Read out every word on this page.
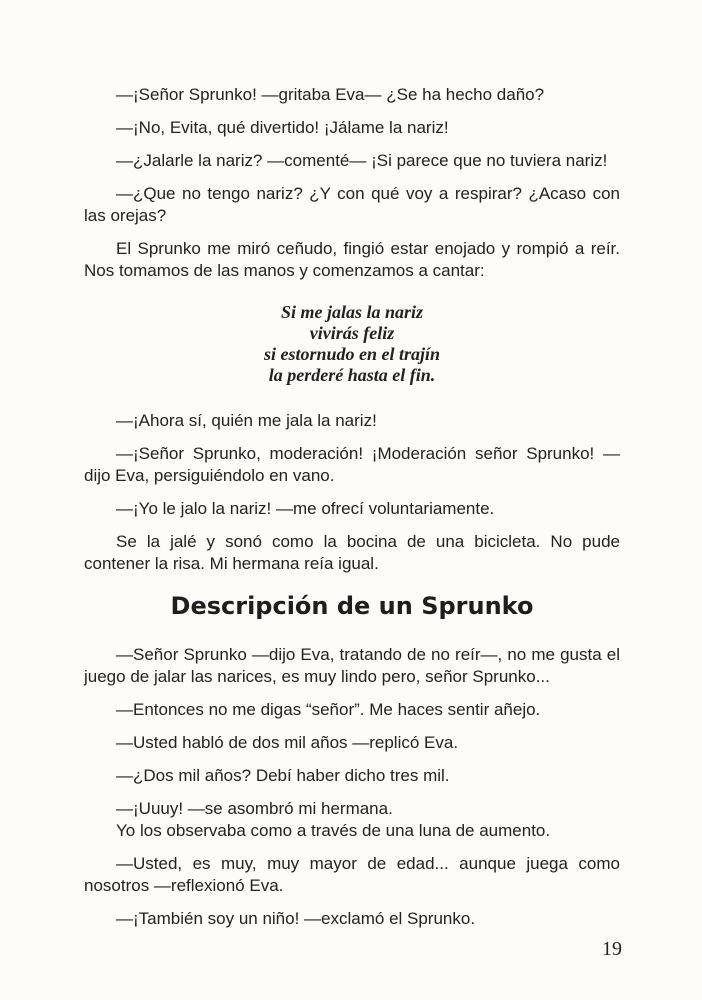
—¡Señor Sprunko! —gritaba Eva— ¿Se ha hecho daño?

—¡No, Evita, qué divertido! ¡Jálame la nariz!

—¿Jalarle la nariz? —comenté— ¡Si parece que no tuviera nariz!

—¿Que no tengo nariz? ¿Y con qué voy a respirar? ¿Acaso con las orejas?

El Sprunko me miró ceñudo, fingió estar enojado y rompió a reír. Nos tomamos de las manos y comenzamos a cantar:

Si me jalas la nariz
vivirás feliz
si estornudo en el trajín
la perderé hasta el fin.

—¡Ahora sí, quién me jala la nariz!

—¡Señor Sprunko, moderación! ¡Moderación señor Sprunko! —dijo Eva, persiguiéndolo en vano.

—¡Yo le jalo la nariz! —me ofrecí voluntariamente.

Se la jalé y sonó como la bocina de una bicicleta. No pude contener la risa. Mi hermana reía igual.

Descripción de un Sprunko

—Señor Sprunko —dijo Eva, tratando de no reír—, no me gusta el juego de jalar las narices, es muy lindo pero, señor Sprunko...

—Entonces no me digas “señor”. Me haces sentir añejo.

—Usted habló de dos mil años —replicó Eva.

—¿Dos mil años? Debí haber dicho tres mil.

—¡Uuuy! —se asombró mi hermana.

Yo los observaba como a través de una luna de aumento.

—Usted, es muy, muy mayor de edad... aunque juega como nosotros —reflexionó Eva.

—¡También soy un niño! —exclamó el Sprunko.

19
